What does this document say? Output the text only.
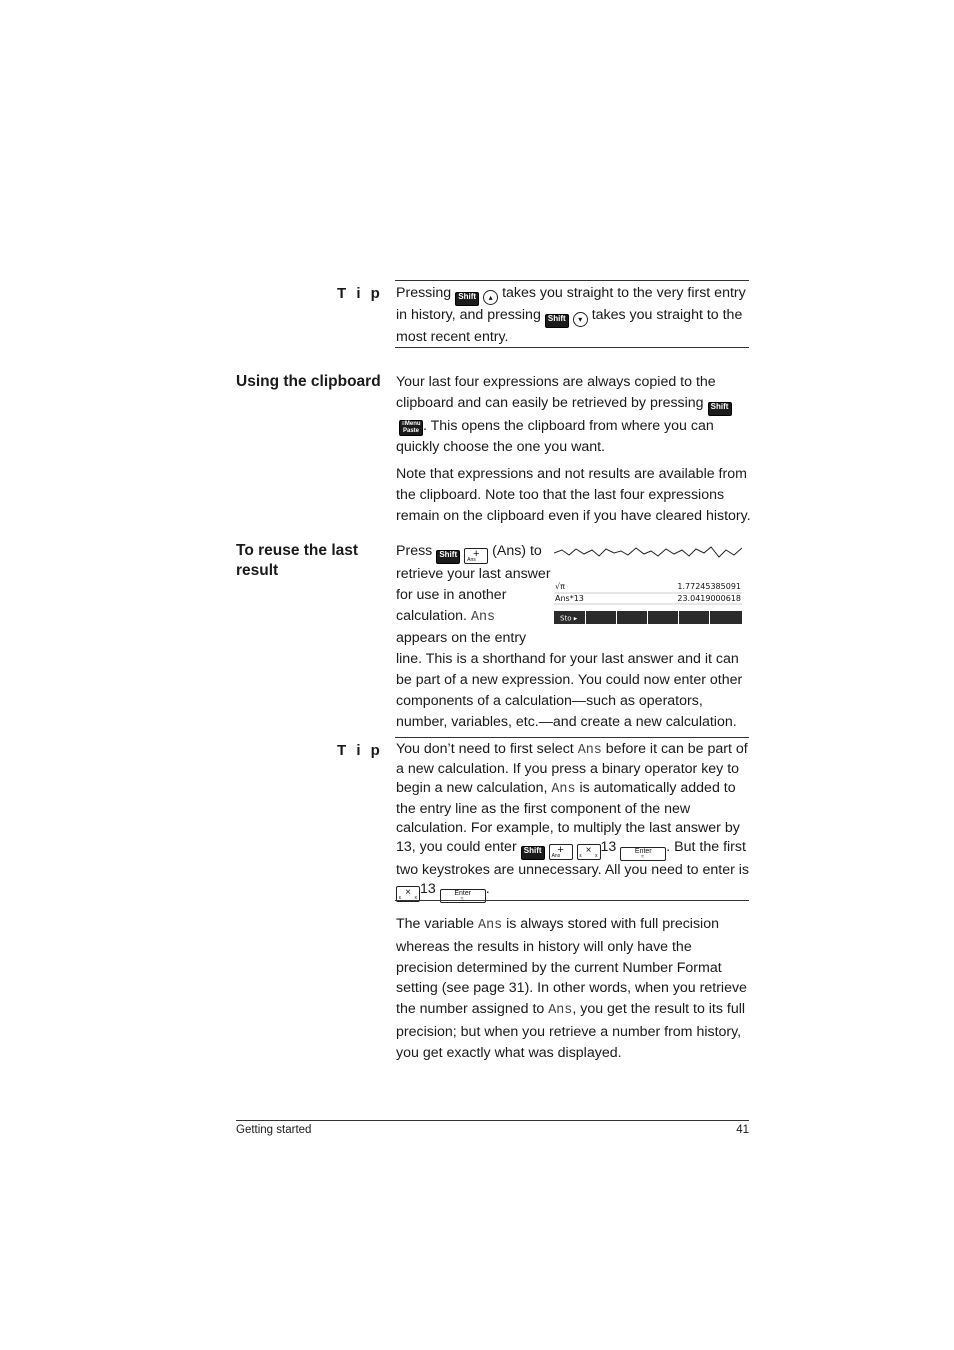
T i p Pressing Shift ▴ takes you straight to the very first entry in history, and pressing Shift ▾ takes you straight to the most recent entry.

Using the clipboard Your last four expressions are always copied to the clipboard and can easily be retrieved by pressing Shift≡Menu
Paste . This opens the clipboard from where you can quickly choose the one you want.

Note that expressions and not results are available from the clipboard. Note too that the last four expressions remain on the clipboard even if you have cleared history.

To reuse the last
result
Press Shift +
Ans
(Ans) to
retrieve your last answer
for use in another
calculation. Ans
appears on the entry

line. This is a shorthand for your last answer and it can be part of a new expression. You could now enter other components of a calculation—such as operators, number, variables, etc.—and create a new calculation.

√π	1.77245385091
Ans*13	23.0419000618
Sto ▸
T i p You don’t need to first select Ans before it can be part of a new calculation. If you press a binary operator key to begin a new calculation, Ans is automatically added to the entry line as the first component of the new calculation. For example, to multiply the last answer by 13, you could enter Shift +
Ans	×
ε	x
13	Enter
≈
. But the first two keystrokes are unnecessary. All you need to enter is ×
ε	x
13	Enter
≈
.

The variable Ans is always stored with full precision whereas the results in history will only have the precision determined by the current Number Format setting (see page 31). In other words, when you retrieve the number assigned to Ans, you get the result to its full precision; but when you retrieve a number from history, you get exactly what was displayed.

Getting started	41
